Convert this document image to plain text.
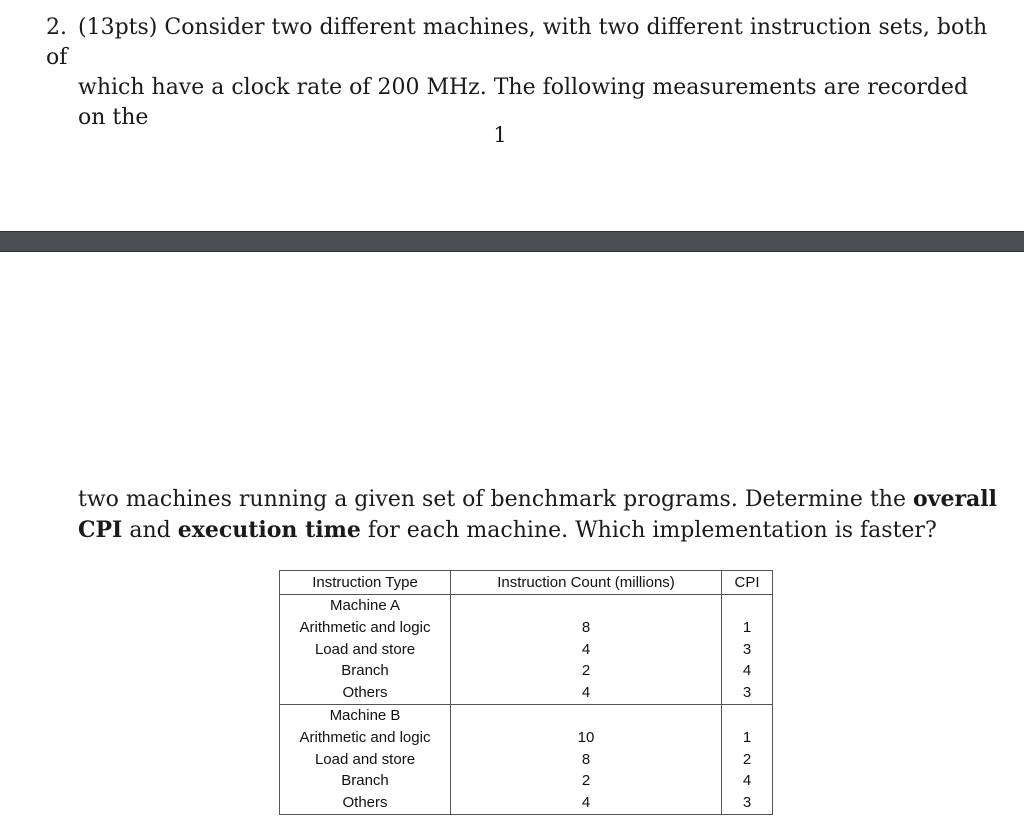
2. (13pts) Consider two different machines, with two different instruction sets, both of
which have a clock rate of 200 MHz. The following measurements are recorded on the
1
two machines running a given set of benchmark programs. Determine the overall
CPI and execution time for each machine. Which implementation is faster?
Instruction Type	Instruction Count (millions)	CPI
Machine A		
Arithmetic and logic	8	1
Load and store	4	3
Branch	2	4
Others	4	3
Machine B		
Arithmetic and logic	10	1
Load and store	8	2
Branch	2	4
Others	4	3
